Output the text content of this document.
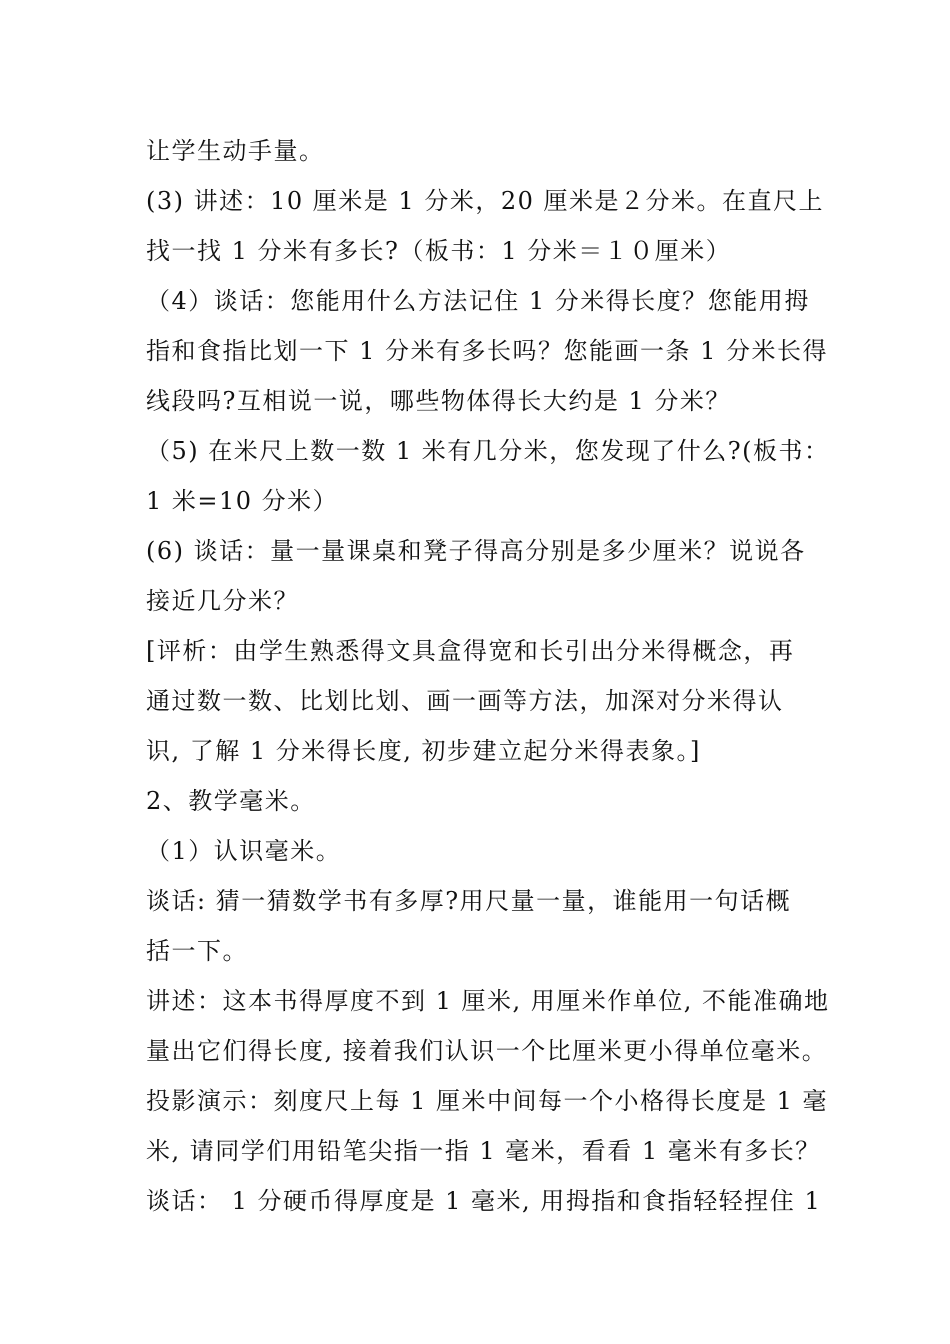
让学生动手量。
(3) 讲述：10 厘米是 1 分米，20 厘米是２分米。在直尺上
找一找 1 分米有多长?（板书：1 分米＝１０厘米）
（4）谈话：您能用什么方法记住 1 分米得长度？您能用拇
指和食指比划一下 1 分米有多长吗？您能画一条 1 分米长得
线段吗?互相说一说，哪些物体得长大约是 1 分米？
（5) 在米尺上数一数 1 米有几分米，您发现了什么?(板书：
1 米=10 分米）
(6) 谈话：量一量课桌和凳子得高分别是多少厘米？说说各
接近几分米？
[评析：由学生熟悉得文具盒得宽和长引出分米得概念，再
通过数一数、比划比划、画一画等方法，加深对分米得认
识, 了解 1 分米得长度, 初步建立起分米得表象。]
2、教学毫米。
（1）认识毫米。
谈话: 猜一猜数学书有多厚?用尺量一量，谁能用一句话概
括一下。
讲述：这本书得厚度不到 1 厘米, 用厘米作单位, 不能准确地
量出它们得长度, 接着我们认识一个比厘米更小得单位毫米。
投影演示：刻度尺上每 1 厘米中间每一个小格得长度是 1 毫
米, 请同学们用铅笔尖指一指 1 毫米，看看 1 毫米有多长？
谈话： 1 分硬币得厚度是 1 毫米, 用拇指和食指轻轻捏住 1
